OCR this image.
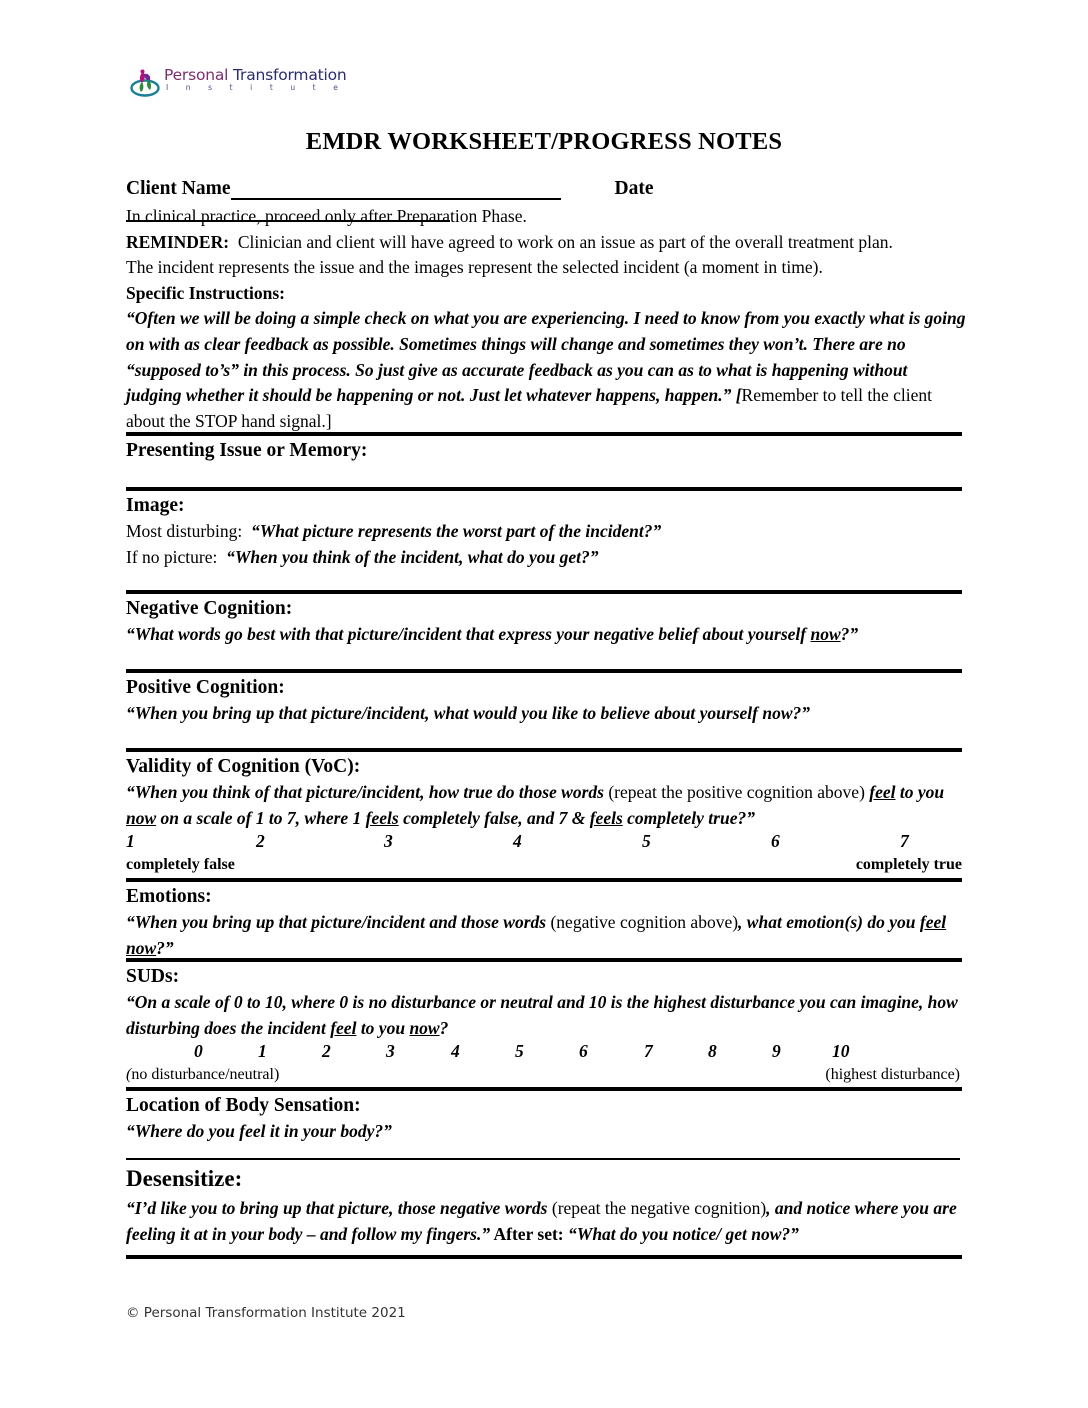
Personal Transformation
I n s t i t u t e
EMDR WORKSHEET/PROGRESS NOTES
Client Name	Date
In clinical practice, proceed only after Preparation Phase.
REMINDER: Clinician and client will have agreed to work on an issue as part of the overall treatment plan.
The incident represents the issue and the images represent the selected incident (a moment in time).
Specific Instructions:
“Often we will be doing a simple check on what you are experiencing. I need to know from you exactly what is going on with as clear feedback as possible. Sometimes things will change and sometimes they won’t. There are no “supposed to’s” in this process. So just give as accurate feedback as you can as to what is happening without judging whether it should be happening or not. Just let whatever happens, happen.” [Remember to tell the client about the STOP hand signal.]
Presenting Issue or Memory:
Image:
Most disturbing: “What picture represents the worst part of the incident?”
If no picture: “When you think of the incident, what do you get?”
Negative Cognition:
“What words go best with that picture/incident that express your negative belief about yourself now?”
Positive Cognition:
“When you bring up that picture/incident, what would you like to believe about yourself now?”
Validity of Cognition (VoC):
“When you think of that picture/incident, how true do those words (repeat the positive cognition above) feel to you now on a scale of 1 to 7, where 1 feels completely false, and 7 & feels completely true?”
1	2	3	4	5	6	7
completely false	completely true
Emotions:
“When you bring up that picture/incident and those words (negative cognition above), what emotion(s) do you feel now?”
SUDs:
“On a scale of 0 to 10, where 0 is no disturbance or neutral and 10 is the highest disturbance you can imagine, how disturbing does the incident feel to you now?
0	1	2	3	4	5	6	7	8	9	10
(no disturbance/neutral)	(highest disturbance)
Location of Body Sensation:
“Where do you feel it in your body?”
Desensitize:
“I’d like you to bring up that picture, those negative words (repeat the negative cognition), and notice where you are feeling it at in your body – and follow my fingers.” After set: “What do you notice/ get now?”
© Personal Transformation Institute 2021
